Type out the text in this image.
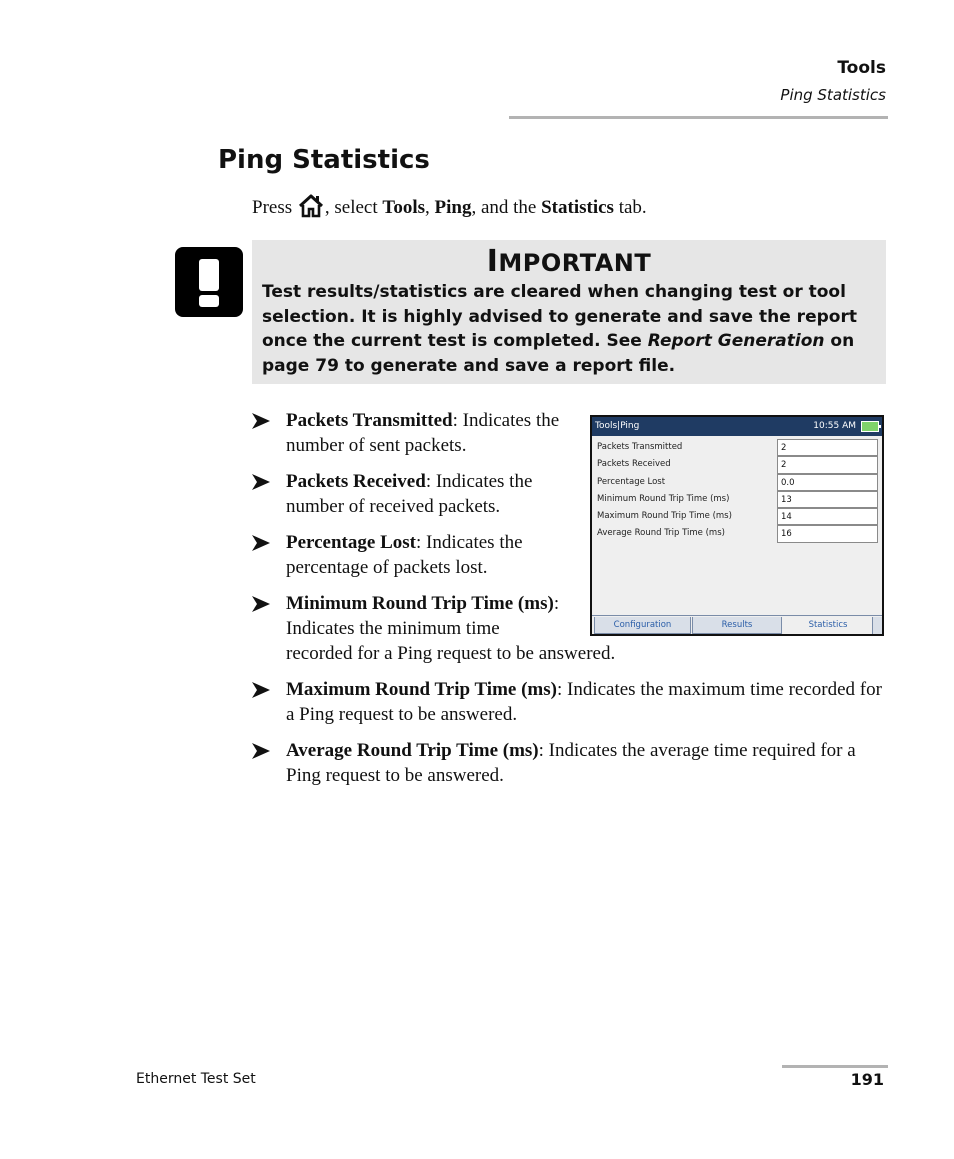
Tools
Ping Statistics
Ping Statistics

Press , select Tools, Ping, and the Statistics tab.

IMPORTANT
Test results/statistics are cleared when changing test or tool selection. It is highly advised to generate and save the report once the current test is completed. See Report Generation on page 79 to generate and save a report file.
Packets Transmitted: Indicates the number of sent packets.
Packets Received: Indicates the number of received packets.
Percentage Lost: Indicates the percentage of packets lost.
Minimum Round Trip Time (ms):
Indicates the minimum time
recorded for a Ping request to be answered.
Maximum Round Trip Time (ms): Indicates the maximum time recorded for a Ping request to be answered.
Average Round Trip Time (ms): Indicates the average time required for a Ping request to be answered.
Tools|Ping	10:55 AM
Packets Transmitted	2
Packets Received	2
Percentage Lost	0.0
Minimum Round Trip Time (ms)	13
Maximum Round Trip Time (ms)	14
Average Round Trip Time (ms)	16
Configuration	Results	Statistics
Ethernet Test Set	191
